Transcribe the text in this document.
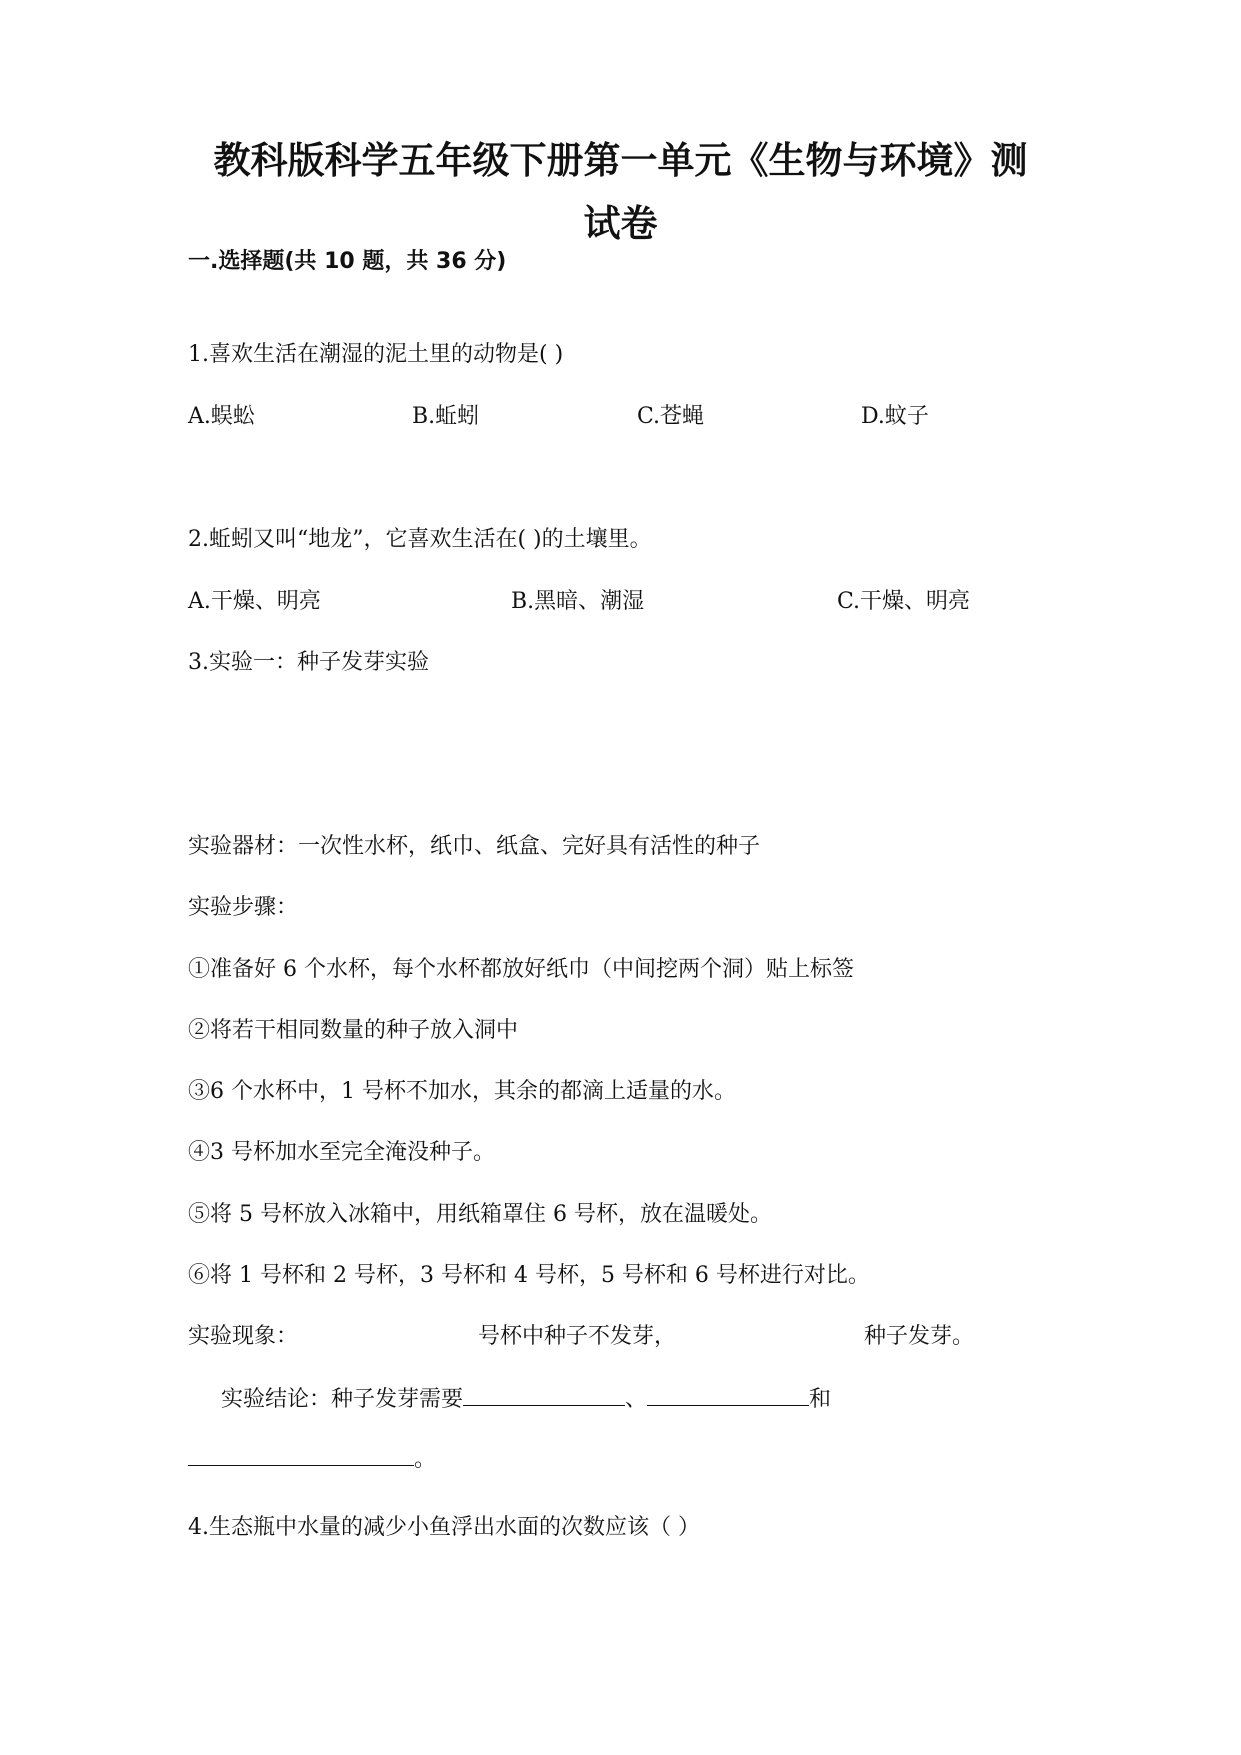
教科版科学五年级下册第一单元《生物与环境》测
试卷
一.选择题(共 10 题，共 36 分)
1.喜欢生活在潮湿的泥土里的动物是( )
A.蜈蚣	B.蚯蚓	C.苍蝇	D.蚊子
2.蚯蚓又叫“地龙”，它喜欢生活在( )的土壤里。
A.干燥、明亮	B.黑暗、潮湿	C.干燥、明亮
3.实验一：种子发芽实验
实验器材：一次性水杯，纸巾、纸盒、完好具有活性的种子
实验步骤：
①准备好 6 个水杯，每个水杯都放好纸巾（中间挖两个洞）贴上标签
②将若干相同数量的种子放入洞中
③6 个水杯中，1 号杯不加水，其余的都滴上适量的水。
④3 号杯加水至完全淹没种子。
⑤将 5 号杯放入冰箱中，用纸箱罩住 6 号杯，放在温暖处。
⑥将 1 号杯和 2 号杯，3 号杯和 4 号杯，5 号杯和 6 号杯进行对比。
实验现象：	号杯中种子不发芽，	种子发芽。
实验结论：种子发芽需要	、	和
。
4.生态瓶中水量的减少小鱼浮出水面的次数应该（ ）
